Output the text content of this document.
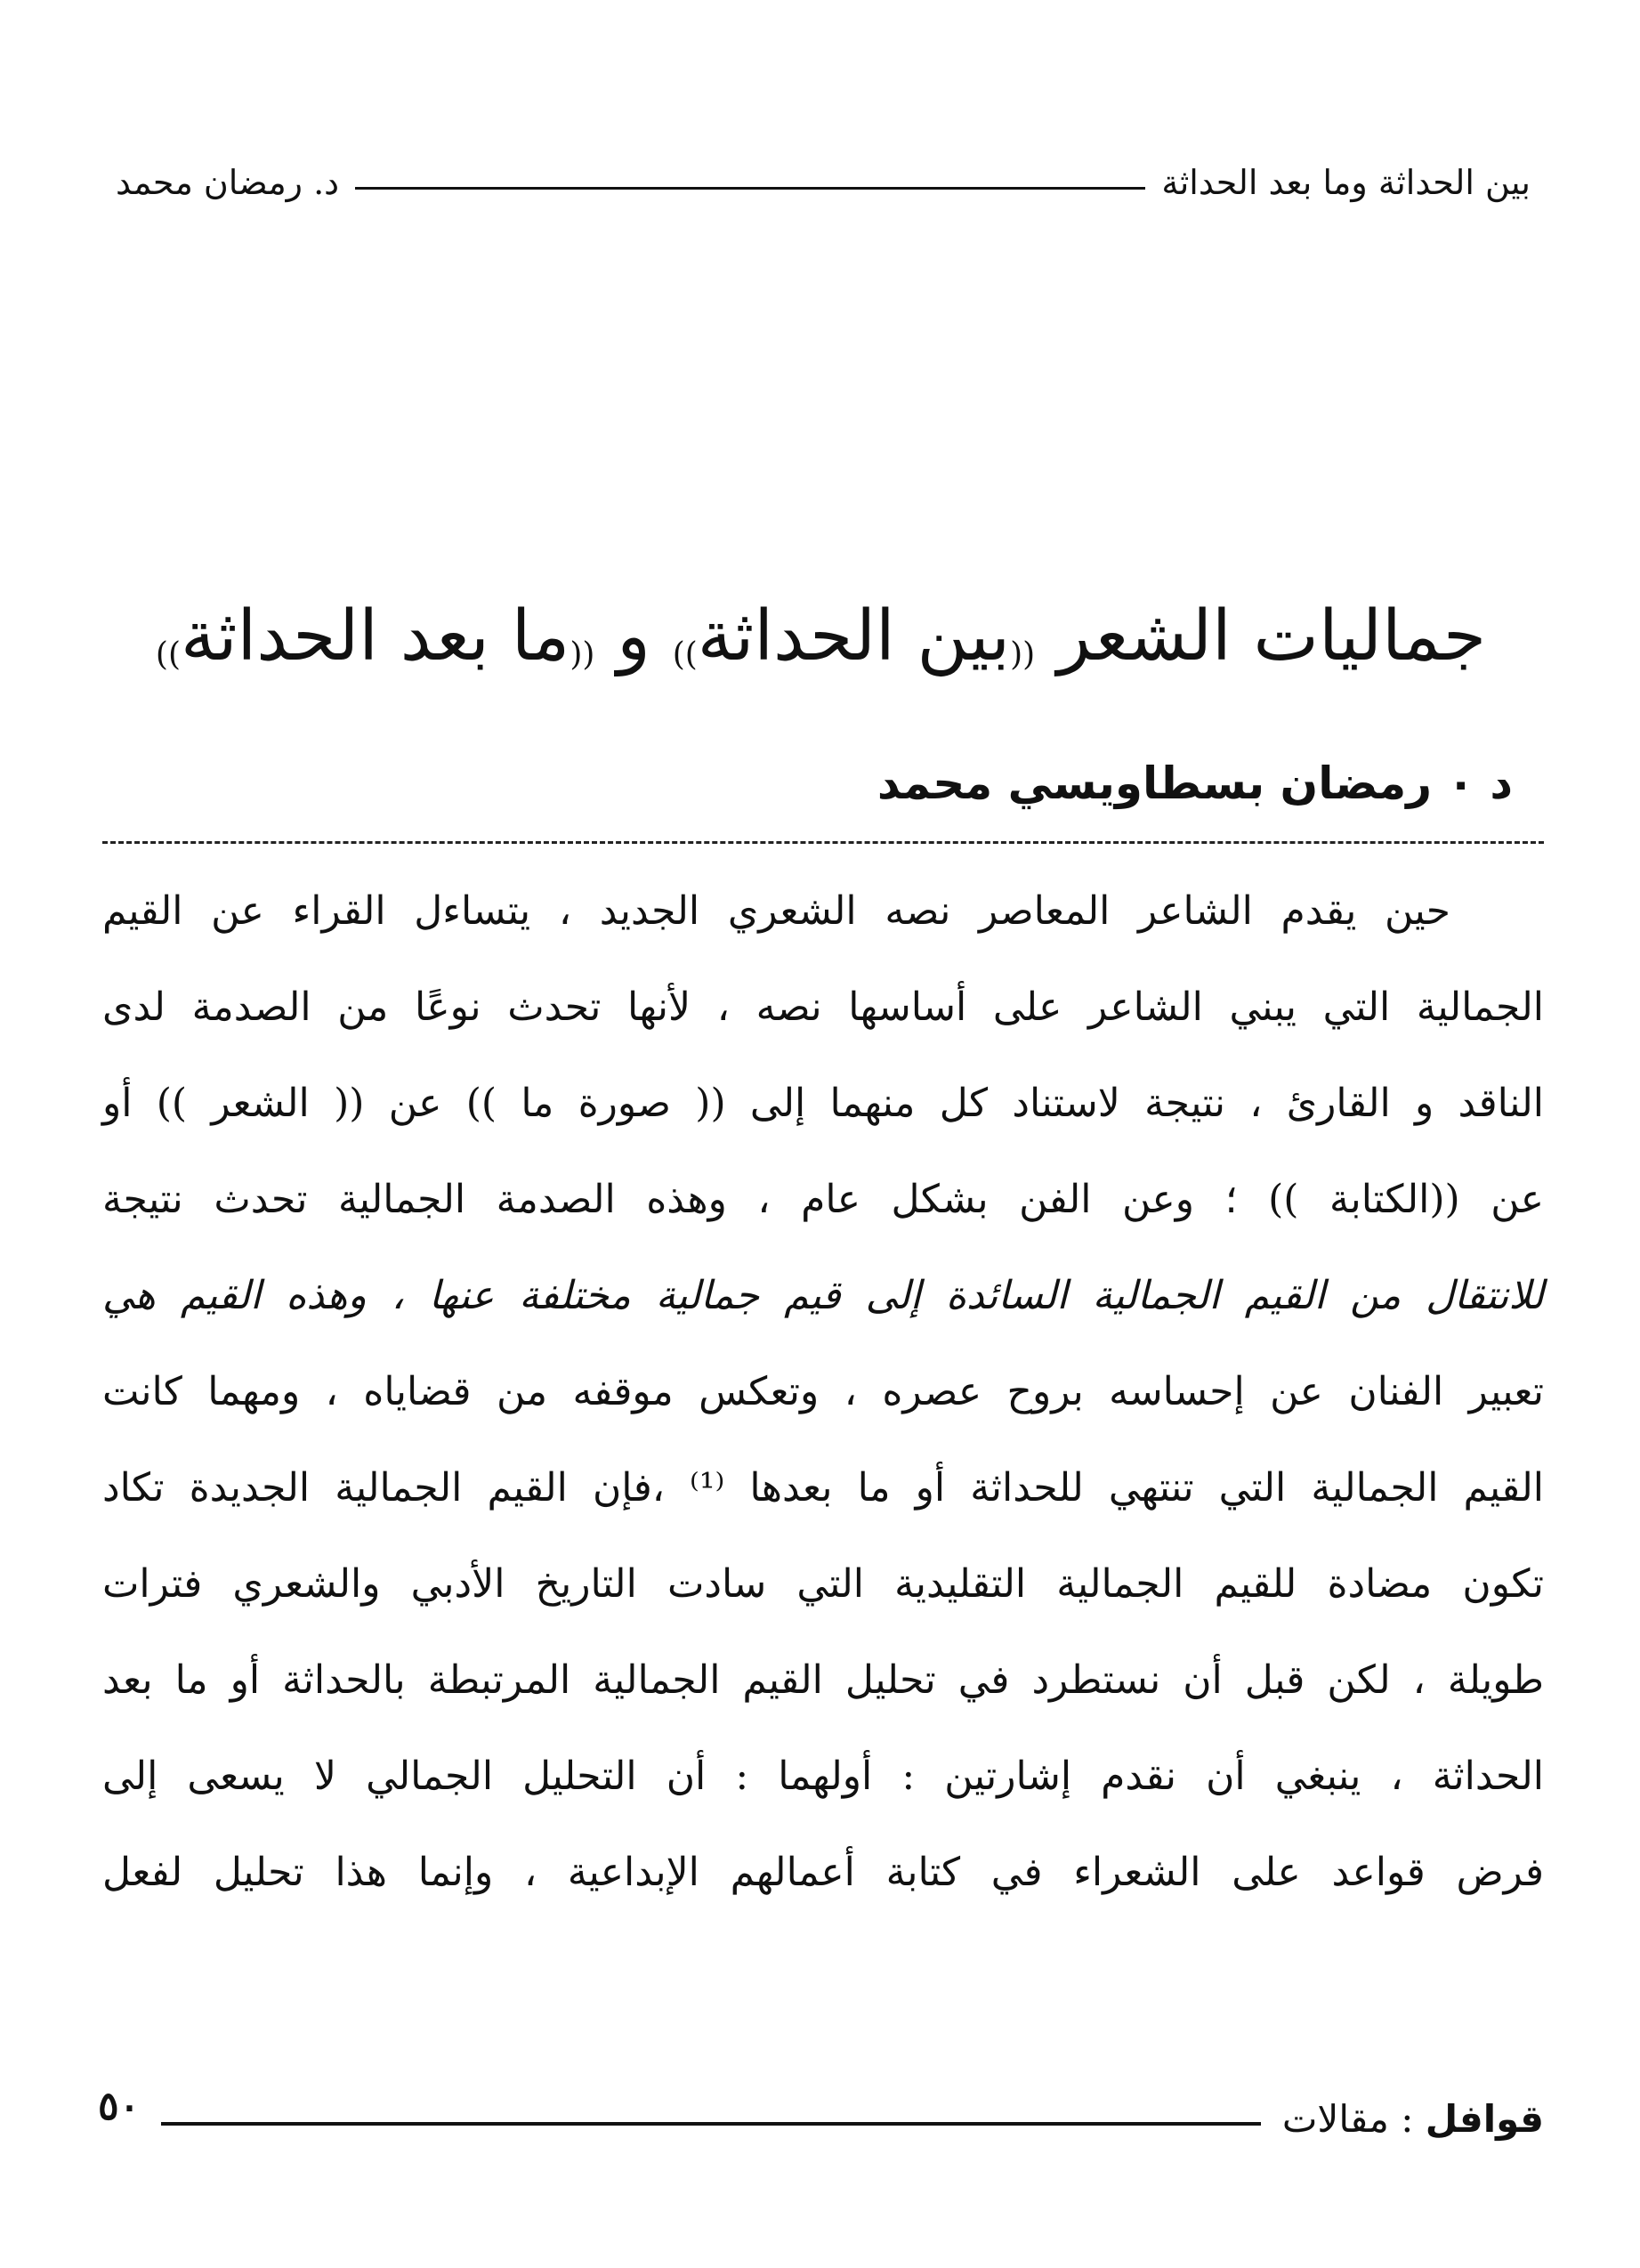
بين الحداثة وما بعد الحداثة
د. رمضان محمد
جماليات الشعر ((بين الحداثة)) و ((ما بعد الحداثة))
د ٠ رمضان بسطاويسي محمد
حين يقدم الشاعر المعاصر نصه الشعري الجديد ، يتساءل القراء عن القيم
الجمالية التي يبني الشاعر على أساسها نصه ، لأنها تحدث نوعًا من الصدمة لدى
الناقد و القارئ ، نتيجة لاستناد كل منهما إلى (( صورة ما )) عن (( الشعر )) أو
عن ((الكتابة )) ؛ وعن الفن بشكل عام ، وهذه الصدمة الجمالية تحدث نتيجة
للانتقال من القيم الجمالية السائدة إلى قيم جمالية مختلفة عنها ، وهذه القيم هي
تعبير الفنان عن إحساسه بروح عصره ، وتعكس موقفه من قضاياه ، ومهما كانت
القيم الجمالية التي تنتهي للحداثة أو ما بعدها ⁽¹⁾ ،فإن القيم الجمالية الجديدة تكاد
تكون مضادة للقيم الجمالية التقليدية التي سادت التاريخ الأدبي والشعري فترات
طويلة ، لكن قبل أن نستطرد في تحليل القيم الجمالية المرتبطة بالحداثة أو ما بعد
الحداثة ، ينبغي أن نقدم إشارتين : أولهما : أن التحليل الجمالي لا يسعى إلى
فرض قواعد على الشعراء في كتابة أعمالهم الإبداعية ، وإنما هذا تحليل لفعل
قوافل : مقالات
٥٠
